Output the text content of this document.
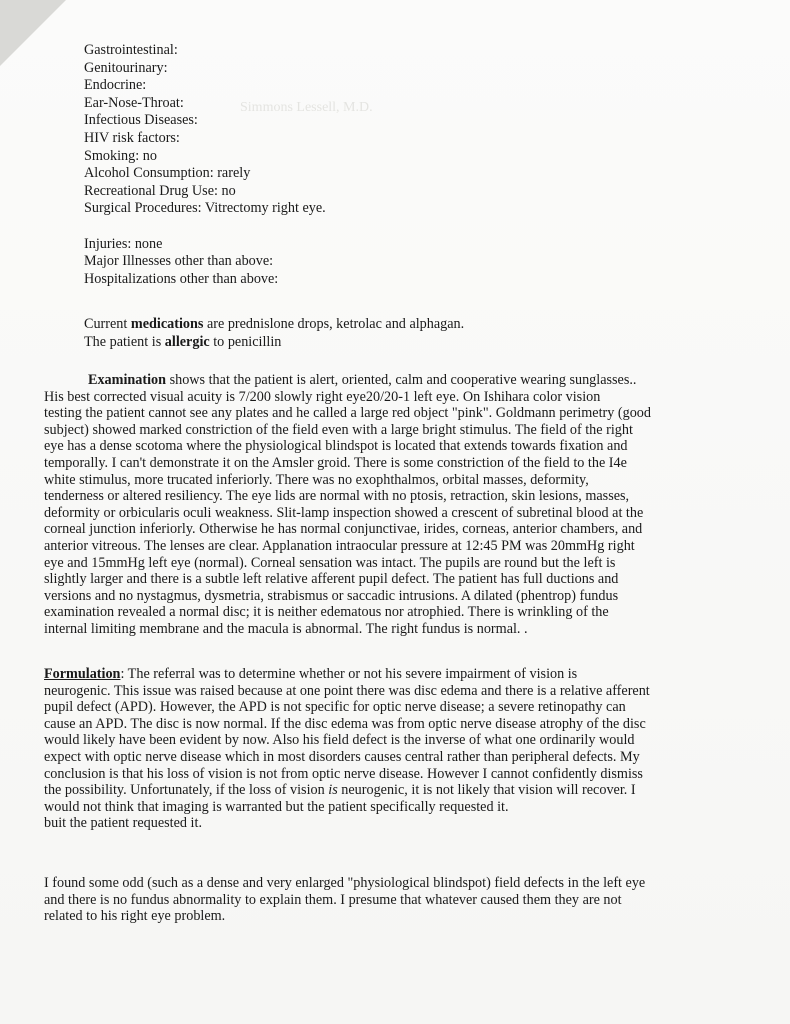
Simmons Lessell, M.D.
Gastrointestinal:
Genitourinary:
Endocrine:
Ear-Nose-Throat:
Infectious Diseases:
HIV risk factors:
Smoking: no
Alcohol Consumption: rarely
Recreational Drug Use: no
Surgical Procedures: Vitrectomy right eye.
Injuries: none
Major Illnesses other than above:
Hospitalizations other than above:
Current medications are prednislone drops, ketrolac and alphagan.
The patient is allergic to penicillin
Examination shows that the patient is alert, oriented, calm and cooperative wearing sunglasses..
His best corrected visual acuity is 7/200 slowly right eye20/20-1 left eye. On Ishihara color vision
testing the patient cannot see any plates and he called a large red object "pink". Goldmann perimetry (good
subject) showed marked constriction of the field even with a large bright stimulus. The field of the right
eye has a dense scotoma where the physiological blindspot is located that extends towards fixation and
temporally. I can't demonstrate it on the Amsler groid. There is some constriction of the field to the I4e
white stimulus, more trucated inferiorly. There was no exophthalmos, orbital masses, deformity,
tenderness or altered resiliency. The eye lids are normal with no ptosis, retraction, skin lesions, masses,
deformity or orbicularis oculi weakness. Slit-lamp inspection showed a crescent of subretinal blood at the
corneal junction inferiorly. Otherwise he has normal conjunctivae, irides, corneas, anterior chambers, and
anterior vitreous. The lenses are clear. Applanation intraocular pressure at 12:45 PM was 20mmHg right
eye and 15mmHg left eye (normal). Corneal sensation was intact. The pupils are round but the left is
slightly larger and there is a subtle left relative afferent pupil defect. The patient has full ductions and
versions and no nystagmus, dysmetria, strabismus or saccadic intrusions. A dilated (phentrop) fundus
examination revealed a normal disc; it is neither edematous nor atrophied. There is wrinkling of the
internal limiting membrane and the macula is abnormal. The right fundus is normal. .
Formulation: The referral was to determine whether or not his severe impairment of vision is
neurogenic. This issue was raised because at one point there was disc edema and there is a relative afferent
pupil defect (APD). However, the APD is not specific for optic nerve disease; a severe retinopathy can
cause an APD. The disc is now normal. If the disc edema was from optic nerve disease atrophy of the disc
would likely have been evident by now. Also his field defect is the inverse of what one ordinarily would
expect with optic nerve disease which in most disorders causes central rather than peripheral defects. My
conclusion is that his loss of vision is not from optic nerve disease. However I cannot confidently dismiss
the possibility. Unfortunately, if the loss of vision is neurogenic, it is not likely that vision will recover. I
would not think that imaging is warranted but the patient specifically requested it.
buit the patient requested it.
I found some odd (such as a dense and very enlarged "physiological blindspot) field defects in the left eye
and there is no fundus abnormality to explain them. I presume that whatever caused them they are not
related to his right eye problem.
